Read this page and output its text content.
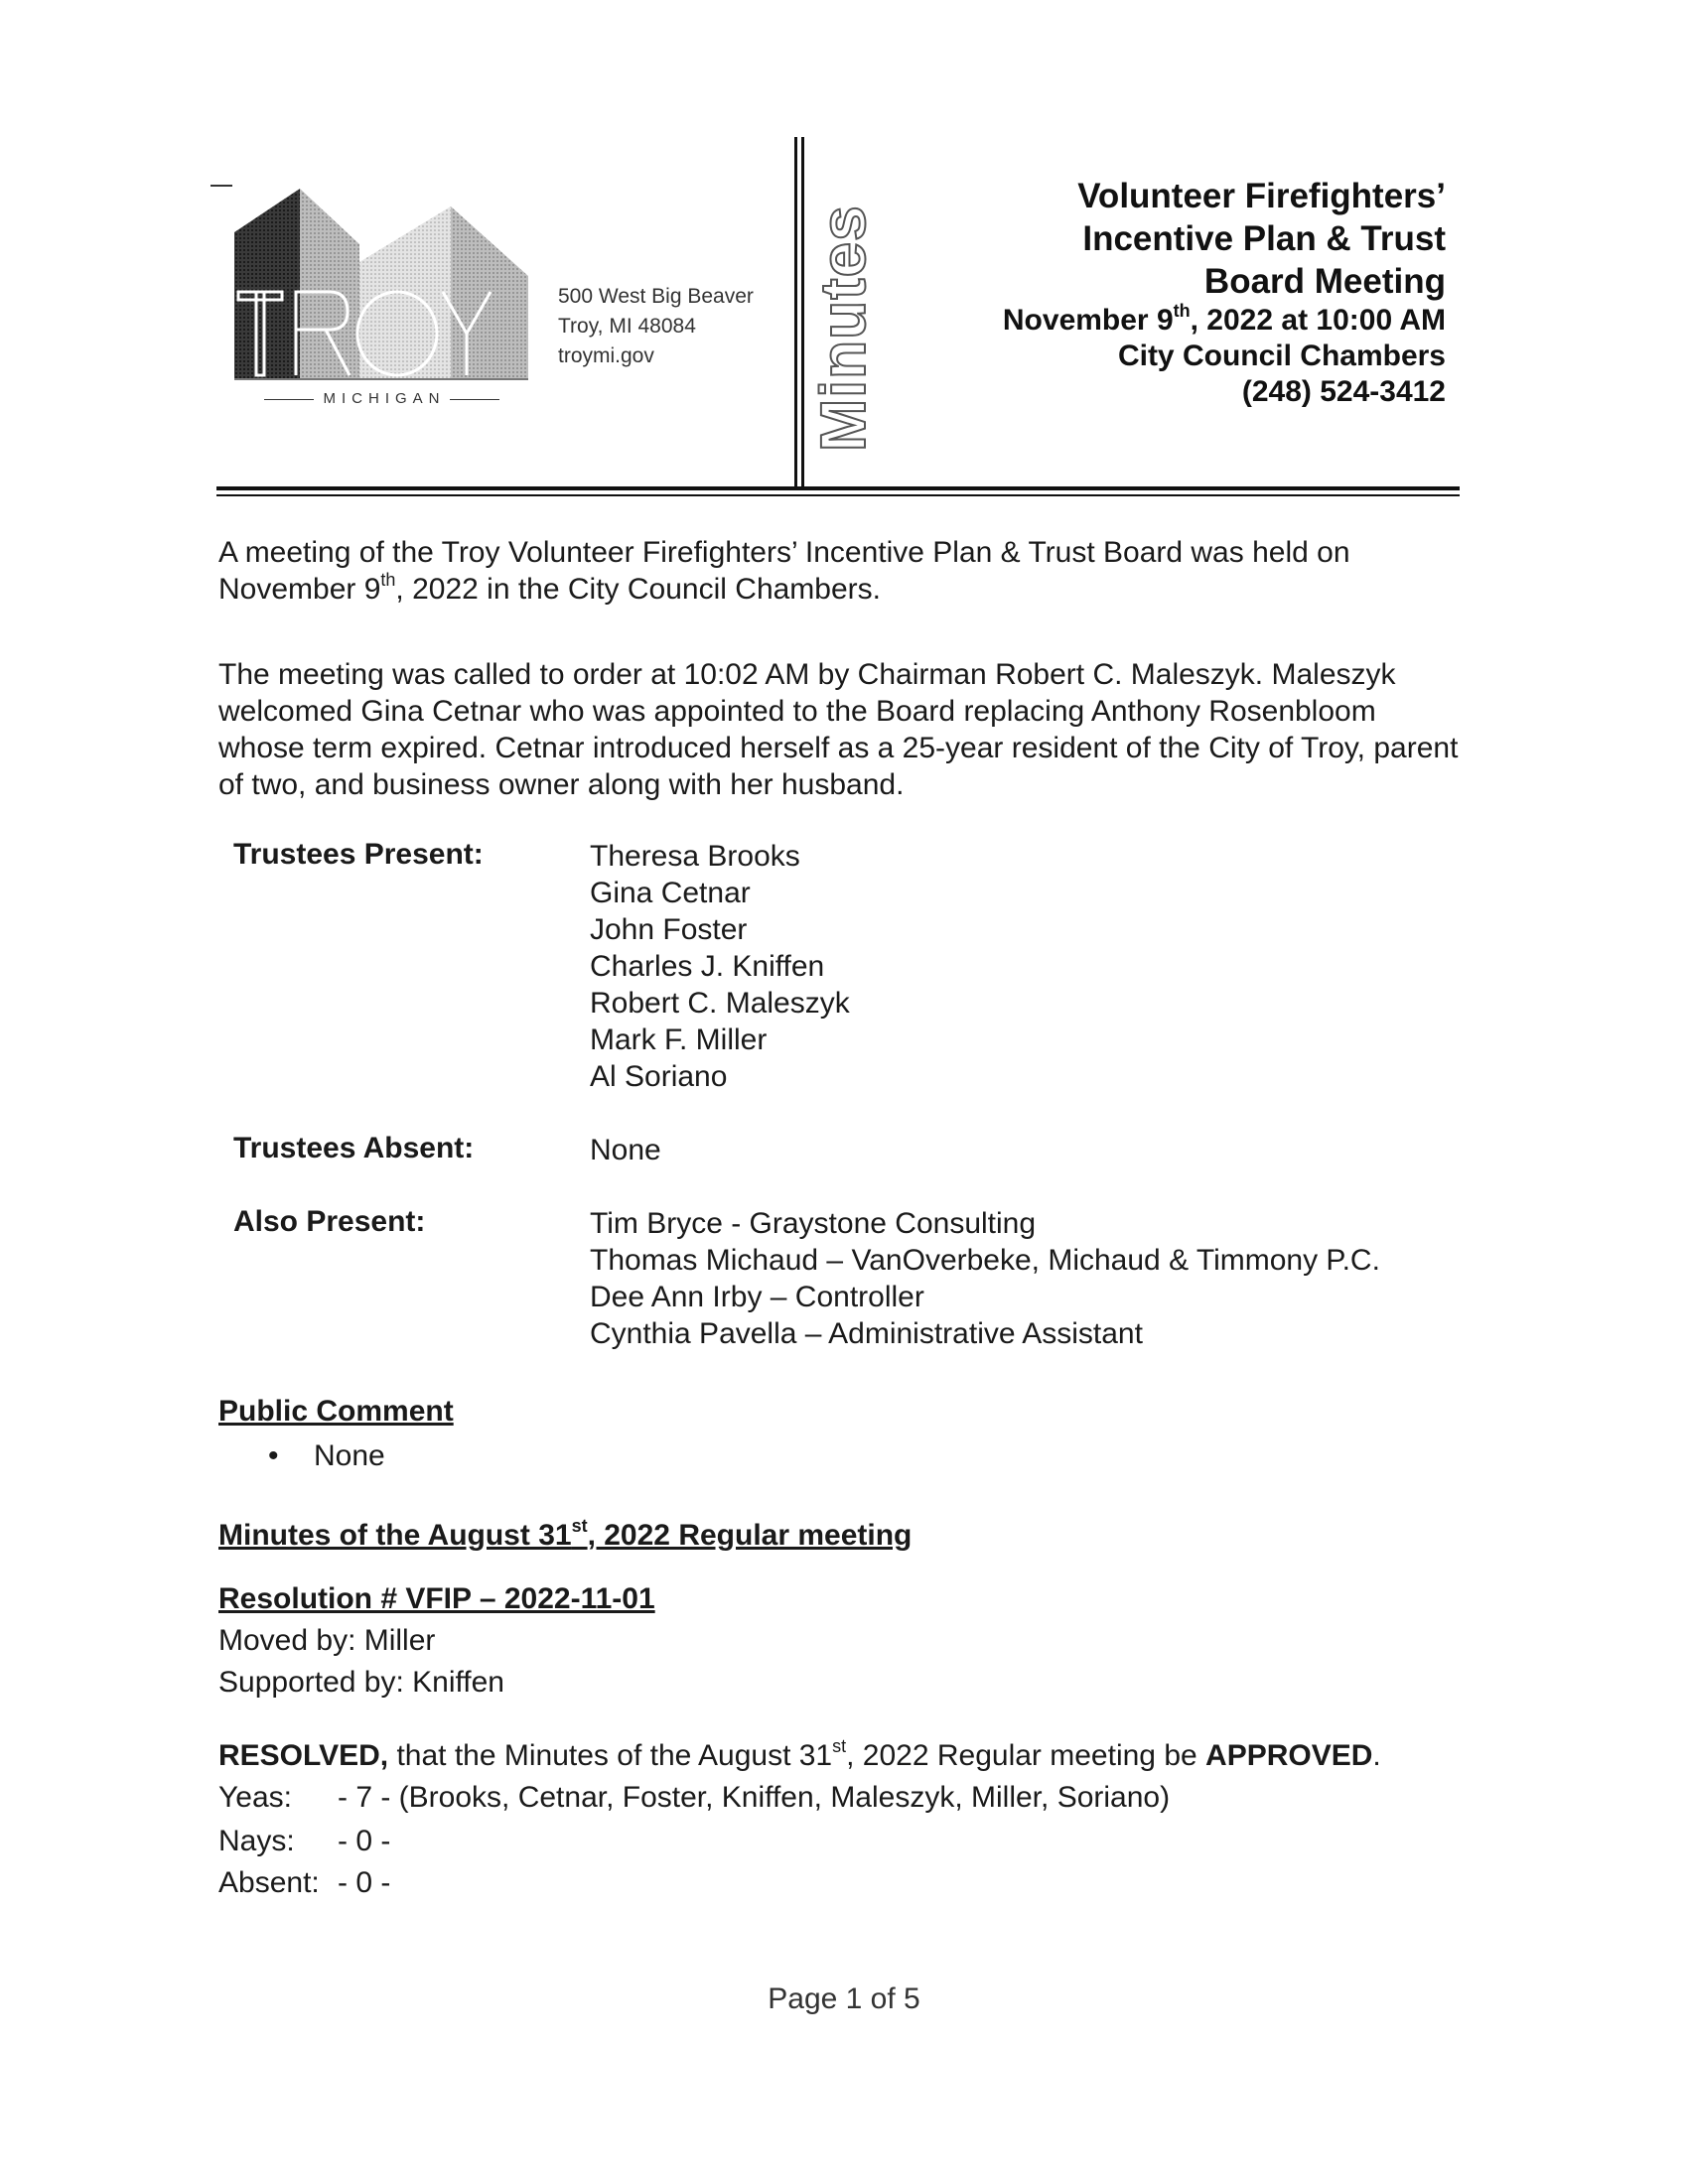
MICHIGAN
500 West Big Beaver
Troy, MI 48084
troymi.gov	Minutes
Volunteer Firefighters’
Incentive Plan & Trust
Board Meeting
November 9th, 2022 at 10:00 AM
City Council Chambers
(248) 524-3412
A meeting of the Troy Volunteer Firefighters’ Incentive Plan & Trust Board was held on November 9th, 2022 in the City Council Chambers.
The meeting was called to order at 10:02 AM by Chairman Robert C. Maleszyk. Maleszyk welcomed Gina Cetnar who was appointed to the Board replacing Anthony Rosenbloom whose term expired. Cetnar introduced herself as a 25-year resident of the City of Troy, parent of two, and business owner along with her husband.
Trustees Present:	Theresa Brooks
Gina Cetnar
John Foster
Charles J. Kniffen
Robert C. Maleszyk
Mark F. Miller
Al Soriano
Trustees Absent:	None
Also Present:	Tim Bryce - Graystone Consulting
Thomas Michaud – VanOverbeke, Michaud & Timmony P.C.
Dee Ann Irby – Controller
Cynthia Pavella – Administrative Assistant
Public Comment
• None
Minutes of the August 31st, 2022 Regular meeting
Resolution # VFIP – 2022-11-01
Moved by: Miller
Supported by: Kniffen
RESOLVED, that the Minutes of the August 31st, 2022 Regular meeting be APPROVED.
Yeas: - 7 - (Brooks, Cetnar, Foster, Kniffen, Maleszyk, Miller, Soriano)
Nays: - 0 -
Absent: - 0 -
Page 1 of 5
